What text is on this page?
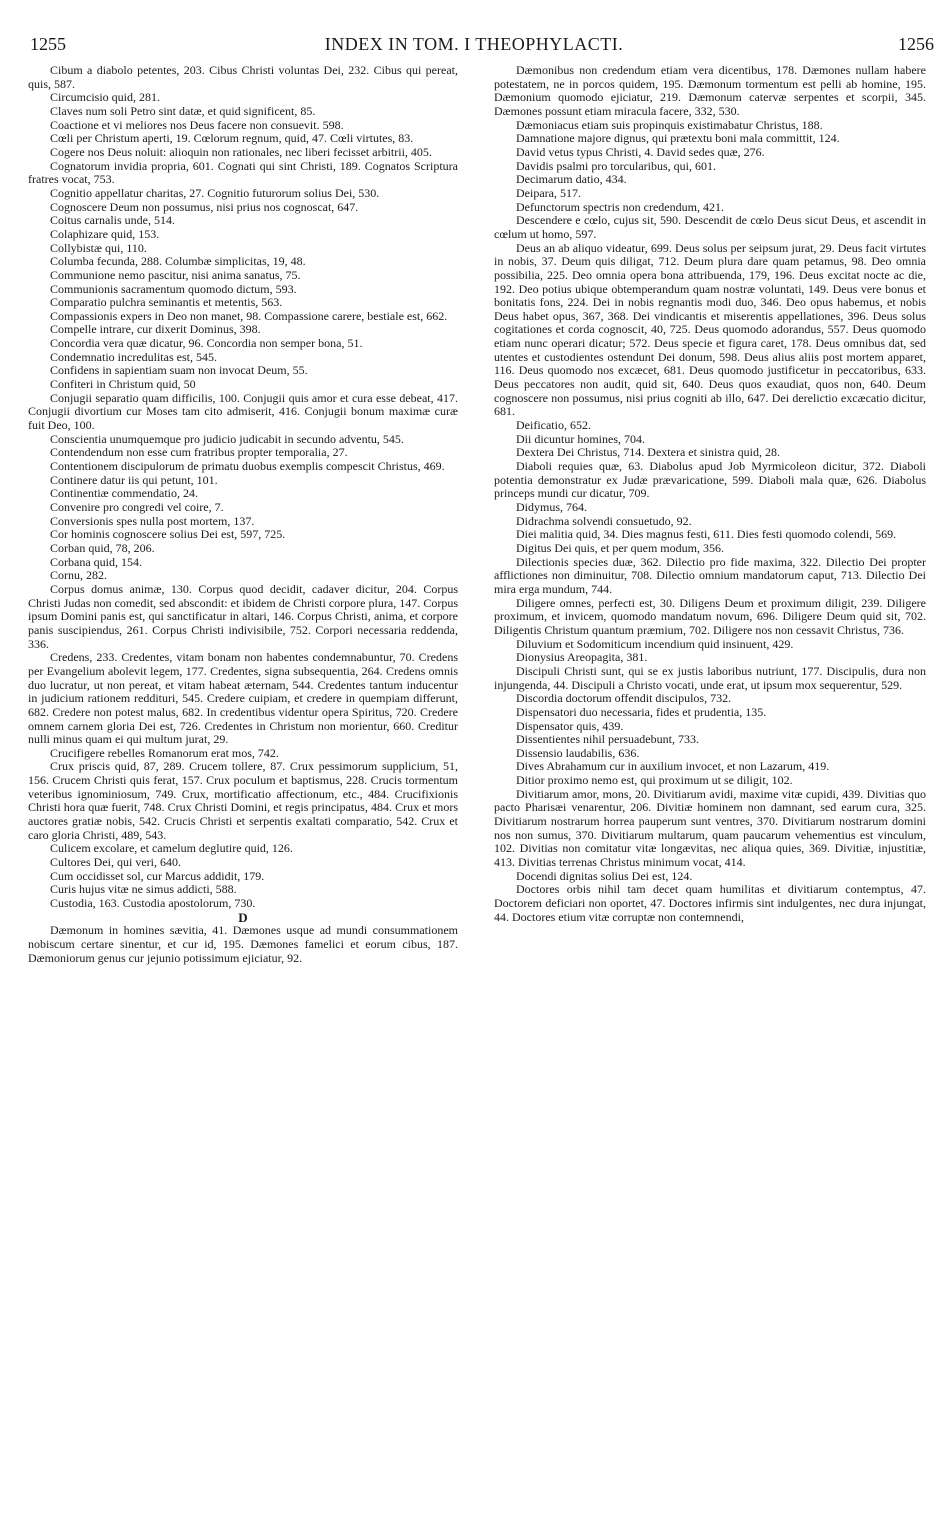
1255	INDEX IN TOM. I THEOPHYLACTI.	1256

Cibum a diabolo petentes, 203. Cibus Christi voluntas Dei, 232. Cibus qui pereat, quis, 587.

Circumcisio quid, 281.

Claves num soli Petro sint datæ, et quid significent, 85.

Coactione et vi meliores nos Deus facere non consuevit. 598.

Cœli per Christum aperti, 19. Cœlorum regnum, quid, 47. Cœli virtutes, 83.

Cogere nos Deus noluit: alioquin non rationales, nec liberi fecisset arbitrii, 405.

Cognatorum invidia propria, 601. Cognati qui sint Christi, 189. Cognatos Scriptura fratres vocat, 753.

Cognitio appellatur charitas, 27. Cognitio futurorum solius Dei, 530.

Cognoscere Deum non possumus, nisi prius nos cognoscat, 647.

Coitus carnalis unde, 514.

Colaphizare quid, 153.

Collybistæ qui, 110.

Columba fecunda, 288. Columbæ simplicitas, 19, 48.

Communione nemo pascitur, nisi anima sanatus, 75.

Communionis sacramentum quomodo dictum, 593.

Comparatio pulchra seminantis et metentis, 563.

Compassionis expers in Deo non manet, 98. Compassione carere, bestiale est, 662.

Compelle intrare, cur dixerit Dominus, 398.

Concordia vera quæ dicatur, 96. Concordia non semper bona, 51.

Condemnatio incredulitas est, 545.

Confidens in sapientiam suam non invocat Deum, 55.

Confiteri in Christum quid, 50

Conjugii separatio quam difficilis, 100. Conjugii quis amor et cura esse debeat, 417. Conjugii divortium cur Moses tam cito admiserit, 416. Conjugii bonum maximæ curæ fuit Deo, 100.

Conscientia unumquemque pro judicio judicabit in secundo adventu, 545.

Contendendum non esse cum fratribus propter temporalia, 27.

Contentionem discipulorum de primatu duobus exemplis compescit Christus, 469.

Continere datur iis qui petunt, 101.

Continentiæ commendatio, 24.

Convenire pro congredi vel coire, 7.

Conversionis spes nulla post mortem, 137.

Cor hominis cognoscere solius Dei est, 597, 725.

Corban quid, 78, 206.

Corbana quid, 154.

Cornu, 282.

Corpus domus animæ, 130. Corpus quod decidit, cadaver dicitur, 204. Corpus Christi Judas non comedit, sed abscondit: et ibidem de Christi corpore plura, 147. Corpus ipsum Domini panis est, qui sanctificatur in altari, 146. Corpus Christi, anima, et corpore panis suscipiendus, 261. Corpus Christi indivisibile, 752. Corpori necessaria reddenda, 336.

Credens, 233. Credentes, vitam bonam non habentes condemnabuntur, 70. Credens per Evangelium abolevit legem, 177. Credentes, signa subsequentia, 264. Credens omnis duo lucratur, ut non pereat, et vitam habeat æternam, 544. Credentes tantum inducentur in judicium rationem reddituri, 545. Credere cuipiam, et credere in quempiam differunt, 682. Credere non potest malus, 682. In credentibus videntur opera Spiritus, 720. Credere omnem carnem gloria Dei est, 726. Credentes in Christum non morientur, 660. Creditur nulli minus quam ei qui multum jurat, 29.

Crucifigere rebelles Romanorum erat mos, 742.

Crux priscis quid, 87, 289. Crucem tollere, 87. Crux pessimorum supplicium, 51, 156. Crucem Christi quis ferat, 157. Crux poculum et baptismus, 228. Crucis tormentum veteribus ignominiosum, 749. Crux, mortificatio affectionum, etc., 484. Crucifixionis Christi hora quæ fuerit, 748. Crux Christi Domini, et regis principatus, 484. Crux et mors auctores gratiæ nobis, 542. Crucis Christi et serpentis exaltati comparatio, 542. Crux et caro gloria Christi, 489, 543.

Culicem excolare, et camelum deglutire quid, 126.

Cultores Dei, qui veri, 640.

Cum occidisset sol, cur Marcus addidit, 179.

Curis hujus vitæ ne simus addicti, 588.

Custodia, 163. Custodia apostolorum, 730.

D

Dæmonum in homines sævitia, 41. Dæmones usque ad mundi consummationem nobiscum certare sinentur, et cur id, 195. Dæmones famelici et eorum cibus, 187. Dæmoniorum genus cur jejunio potissimum ejiciatur, 92.

Dæmonibus non credendum etiam vera dicentibus, 178. Dæmones nullam habere potestatem, ne in porcos quidem, 195. Dæmonum tormentum est pelli ab homine, 195. Dæmonium quomodo ejiciatur, 219. Dæmonum catervæ serpentes et scorpii, 345. Dæmones possunt etiam miracula facere, 332, 530.

Dæmoniacus etiam suis propinquis existimabatur Christus, 188.

Damnatione majore dignus, qui prætextu boni mala committit, 124.

David vetus typus Christi, 4. David sedes quæ, 276.

Davidis psalmi pro torcularibus, qui, 601.

Decimarum datio, 434.

Deipara, 517.

Defunctorum spectris non credendum, 421.

Descendere e cœlo, cujus sit, 590. Descendit de cœlo Deus sicut Deus, et ascendit in cœlum ut homo, 597.

Deus an ab aliquo videatur, 699. Deus solus per seipsum jurat, 29. Deus facit virtutes in nobis, 37. Deum quis diligat, 712. Deum plura dare quam petamus, 98. Deo omnia possibilia, 225. Deo omnia opera bona attribuenda, 179, 196. Deus excitat nocte ac die, 192. Deo potius ubique obtemperandum quam nostræ voluntati, 149. Deus vere bonus et bonitatis fons, 224. Dei in nobis regnantis modi duo, 346. Deo opus habemus, et nobis Deus habet opus, 367, 368. Dei vindicantis et miserentis appellationes, 396. Deus solus cogitationes et corda cognoscit, 40, 725. Deus quomodo adorandus, 557. Deus quomodo etiam nunc operari dicatur; 572. Deus specie et figura caret, 178. Deus omnibus dat, sed utentes et custodientes ostendunt Dei donum, 598. Deus alius aliis post mortem apparet, 116. Deus quomodo nos excæcet, 681. Deus quomodo justificetur in peccatoribus, 633. Deus peccatores non audit, quid sit, 640. Deus quos exaudiat, quos non, 640. Deum cognoscere non possumus, nisi prius cogniti ab illo, 647. Dei derelictio excæcatio dicitur, 681.

Deificatio, 652.

Dii dicuntur homines, 704.

Dextera Dei Christus, 714. Dextera et sinistra quid, 28.

Diaboli requies quæ, 63. Diabolus apud Job Myrmicoleon dicitur, 372. Diaboli potentia demonstratur ex Judæ prævaricatione, 599. Diaboli mala quæ, 626. Diabolus princeps mundi cur dicatur, 709.

Didymus, 764.

Didrachma solvendi consuetudo, 92.

Diei malitia quid, 34. Dies magnus festi, 611. Dies festi quomodo colendi, 569.

Digitus Dei quis, et per quem modum, 356.

Dilectionis species duæ, 362. Dilectio pro fide maxima, 322. Dilectio Dei propter afflictiones non diminuitur, 708. Dilectio omnium mandatorum caput, 713. Dilectio Dei mira erga mundum, 744.

Diligere omnes, perfecti est, 30. Diligens Deum et proximum diligit, 239. Diligere proximum, et invicem, quomodo mandatum novum, 696. Diligere Deum quid sit, 702. Diligentis Christum quantum præmium, 702. Diligere nos non cessavit Christus, 736.

Diluvium et Sodomiticum incendium quid insinuent, 429.

Dionysius Areopagita, 381.

Discipuli Christi sunt, qui se ex justis laboribus nutriunt, 177. Discipulis, dura non injungenda, 44. Discipuli a Christo vocati, unde erat, ut ipsum mox sequerentur, 529.

Discordia doctorum offendit discipulos, 732.

Dispensatori duo necessaria, fides et prudentia, 135.

Dispensator quis, 439.

Dissentientes nihil persuadebunt, 733.

Dissensio laudabilis, 636.

Dives Abrahamum cur in auxilium invocet, et non Lazarum, 419.

Ditior proximo nemo est, qui proximum ut se diligit, 102.

Divitiarum amor, mons, 20. Divitiarum avidi, maxime vitæ cupidi, 439. Divitias quo pacto Pharisæi venarentur, 206. Divitiæ hominem non damnant, sed earum cura, 325. Divitiarum nostrarum horrea pauperum sunt ventres, 370. Divitiarum nostrarum domini nos non sumus, 370. Divitiarum multarum, quam paucarum vehementius est vinculum, 102. Divitias non comitatur vitæ longævitas, nec aliqua quies, 369. Divitiæ, injustitiæ, 413. Divitias terrenas Christus minimum vocat, 414.

Docendi dignitas solius Dei est, 124.

Doctores orbis nihil tam decet quam humilitas et divitiarum contemptus, 47. Doctorem deficiari non oportet, 47. Doctores infirmis sint indulgentes, nec dura injungat, 44. Doctores etium vitæ corruptæ non contemnendi,
